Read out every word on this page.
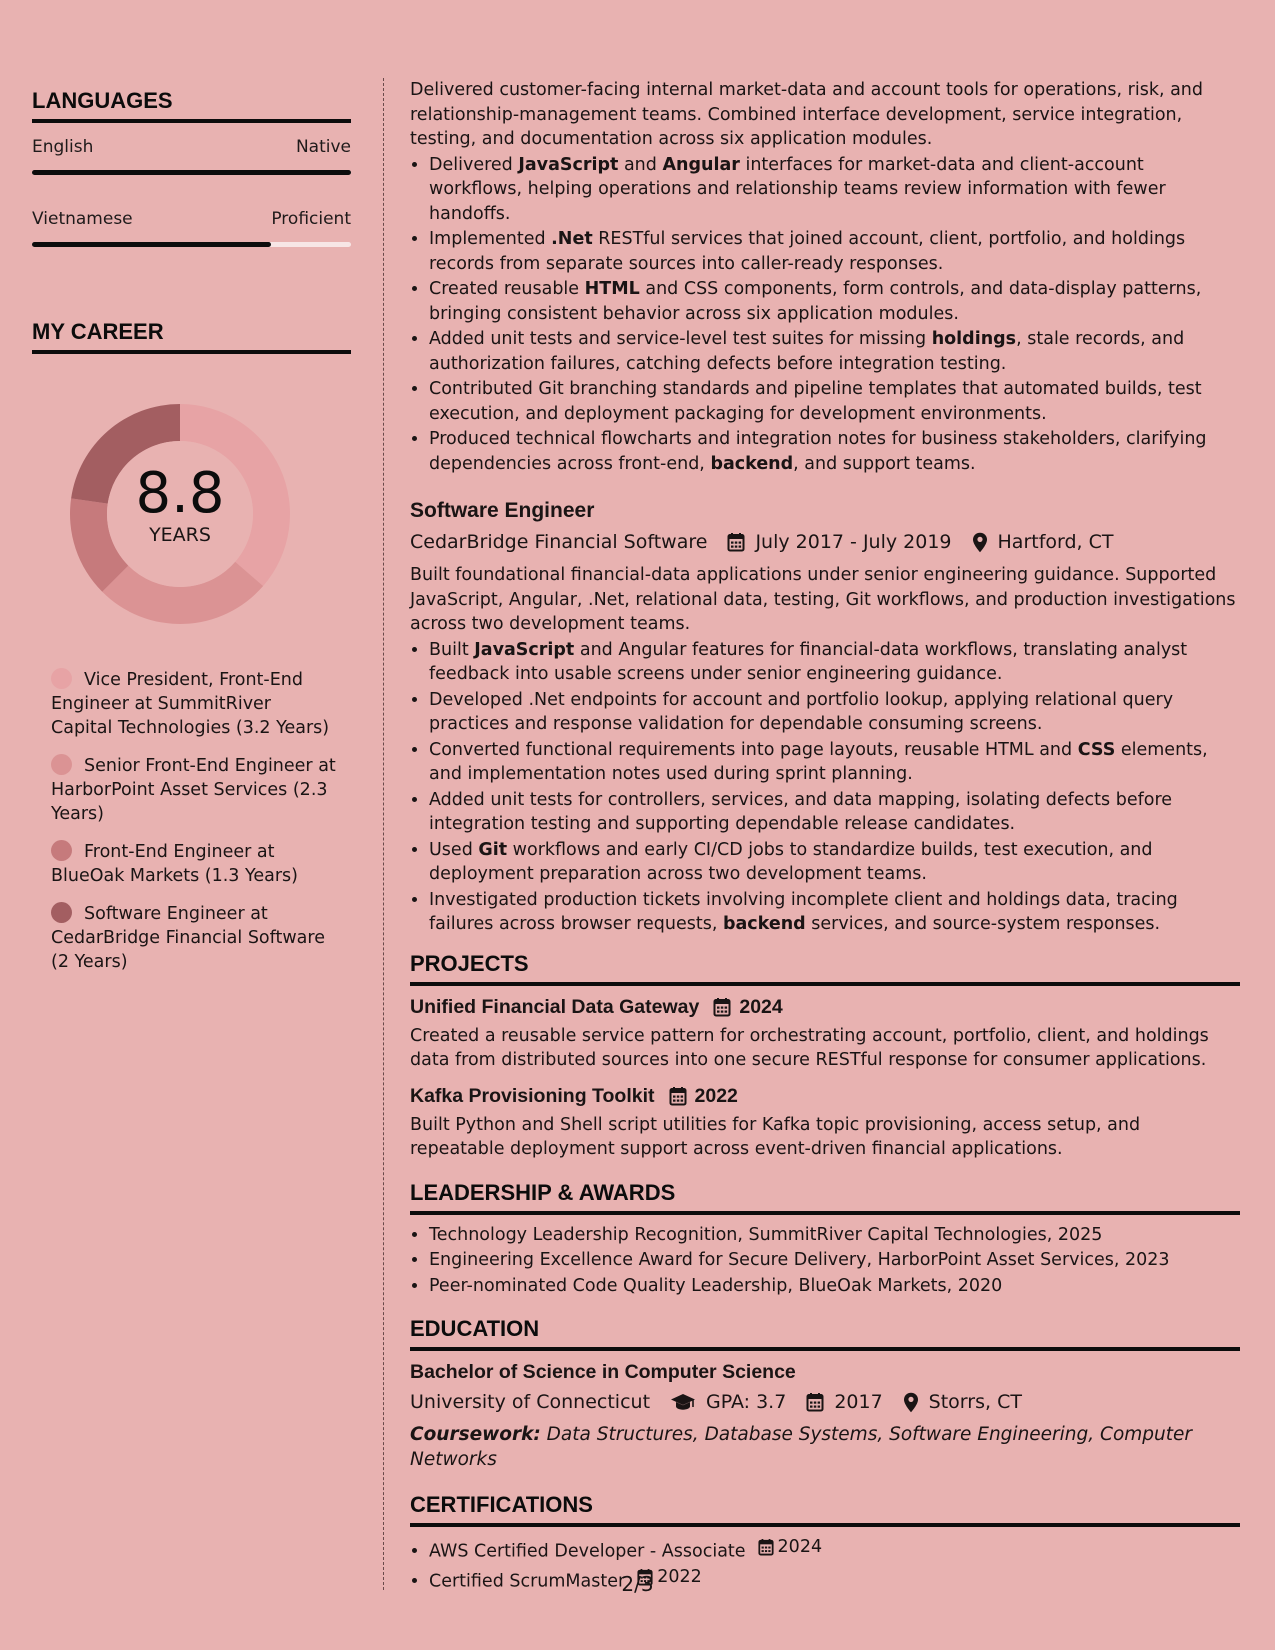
LANGUAGES
English	Native
Vietnamese	Proficient
MY CAREER
8.8
YEARS
Vice President, Front-End Engineer at SummitRiver Capital Technologies (3.2 Years)
Senior Front-End Engineer at HarborPoint Asset Services (2.3 Years)
Front-End Engineer at BlueOak Markets (1.3 Years)
Software Engineer at CedarBridge Financial Software (2 Years)

Delivered customer-facing internal market-data and account tools for operations, risk, and relationship-management teams. Combined interface development, service integration, testing, and documentation across six application modules.

• Delivered JavaScript and Angular interfaces for market-data and client-account workflows, helping operations and relationship teams review information with fewer handoffs.
• Implemented .Net RESTful services that joined account, client, portfolio, and holdings records from separate sources into caller-ready responses.
• Created reusable HTML and CSS components, form controls, and data-display patterns, bringing consistent behavior across six application modules.
• Added unit tests and service-level test suites for missing holdings, stale records, and authorization failures, catching defects before integration testing.
• Contributed Git branching standards and pipeline templates that automated builds, test execution, and deployment packaging for development environments.
• Produced technical flowcharts and integration notes for business stakeholders, clarifying dependencies across front-end, backend, and support teams.
Software Engineer
CedarBridge Financial Software	July 2017 - July 2019 Hartford, CT

Built foundational financial-data applications under senior engineering guidance. Supported JavaScript, Angular, .Net, relational data, testing, Git workflows, and production investigations across two development teams.

• Built JavaScript and Angular features for financial-data workflows, translating analyst feedback into usable screens under senior engineering guidance.
• Developed .Net endpoints for account and portfolio lookup, applying relational query practices and response validation for dependable consuming screens.
• Converted functional requirements into page layouts, reusable HTML and CSS elements, and implementation notes used during sprint planning.
• Added unit tests for controllers, services, and data mapping, isolating defects before integration testing and supporting dependable release candidates.
• Used Git workflows and early CI/CD jobs to standardize builds, test execution, and deployment preparation across two development teams.
• Investigated production tickets involving incomplete client and holdings data, tracing failures across browser requests, backend services, and source-system responses.
PROJECTS
Unified Financial Data Gateway 2024

Created a reusable service pattern for orchestrating account, portfolio, client, and holdings data from distributed sources into one secure RESTful response for consumer applications.

Kafka Provisioning Toolkit 2022

Built Python and Shell script utilities for Kafka topic provisioning, access setup, and repeatable deployment support across event-driven financial applications.

LEADERSHIP & AWARDS
• Technology Leadership Recognition, SummitRiver Capital Technologies, 2025
• Engineering Excellence Award for Secure Delivery, HarborPoint Asset Services, 2023
• Peer-nominated Code Quality Leadership, BlueOak Markets, 2020
EDUCATION
Bachelor of Science in Computer Science
University of Connecticut	GPA: 3.7	2017 Storrs, CT

Coursework: Data Structures, Database Systems, Software Engineering, Computer Networks

CERTIFICATIONS
• AWS Certified Developer - Associate 2024
• Certified ScrumMaster 2022
2/3
